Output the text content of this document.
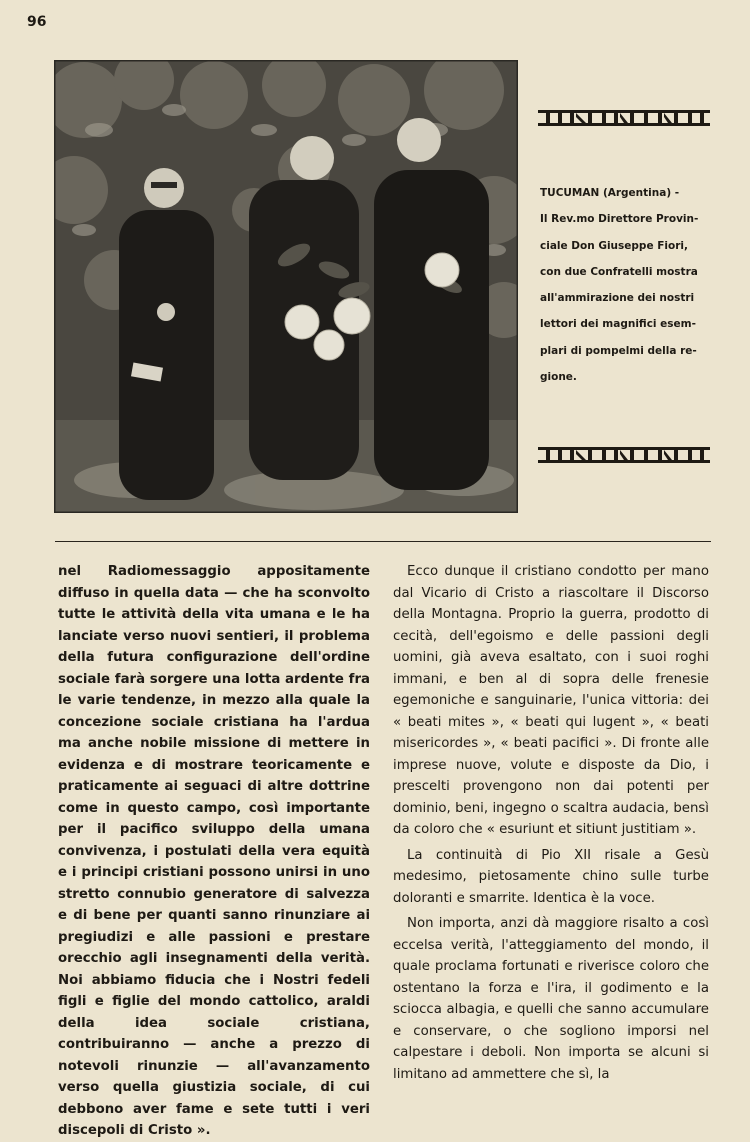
96

TUCUMAN (Argentina) -

Il Rev.mo Direttore Provin-

ciale Don Giuseppe Fiori,

con due Confratelli mostra

all'ammirazione dei nostri

lettori dei magnifici esem-

plari di pompelmi della re-

gione.

nel Radiomessaggio appositamente diffuso in quella data — che ha sconvolto tutte le attività della vita umana e le ha lanciate verso nuovi sentieri, il problema della futura configurazione dell'ordine sociale farà sorgere una lotta ardente fra le varie tendenze, in mezzo alla quale la concezione sociale cristiana ha l'ardua ma anche nobile missione di mettere in evidenza e di mostrare teoricamente e praticamente ai seguaci di altre dottrine come in questo campo, così importante per il pacifico sviluppo della umana convivenza, i postulati della vera equità e i principi cristiani possono unirsi in uno stretto connubio generatore di salvezza e di bene per quanti sanno rinunziare ai pregiudizi e alle passioni e prestare orecchio agli insegnamenti della verità. Noi abbiamo fiducia che i Nostri fedeli figli e figlie del mondo cattolico, araldi della idea sociale cristiana, contribuiranno — anche a prezzo di notevoli rinunzie — all'avanzamento verso quella giustizia sociale, di cui debbono aver fame e sete tutti i veri discepoli di Cristo ».

Ecco dunque il cristiano condotto per mano dal Vicario di Cristo a riascoltare il Discorso della Montagna. Proprio la guerra, prodotto di cecità, dell'egoismo e delle passioni degli uomini, già aveva esaltato, con i suoi roghi immani, e ben al di sopra delle frenesie egemoniche e sanguinarie, l'unica vittoria: dei « beati mites », « beati qui lugent », « beati misericordes », « beati pacifici ». Di fronte alle imprese nuove, volute e disposte da Dio, i prescelti provengono non dai potenti per dominio, beni, ingegno o scaltra audacia, bensì da coloro che « esuriunt et sitiunt justitiam ».

La continuità di Pio XII risale a Gesù medesimo, pietosamente chino sulle turbe doloranti e smarrite. Identica è la voce.

Non importa, anzi dà maggiore risalto a così eccelsa verità, l'atteggiamento del mondo, il quale proclama fortunati e riverisce coloro che ostentano la forza e l'ira, il godimento e la sciocca albagia, e quelli che sanno accumulare e conservare, o che sogliono imporsi nel calpestare i deboli. Non importa se alcuni si limitano ad ammettere che sì, la
